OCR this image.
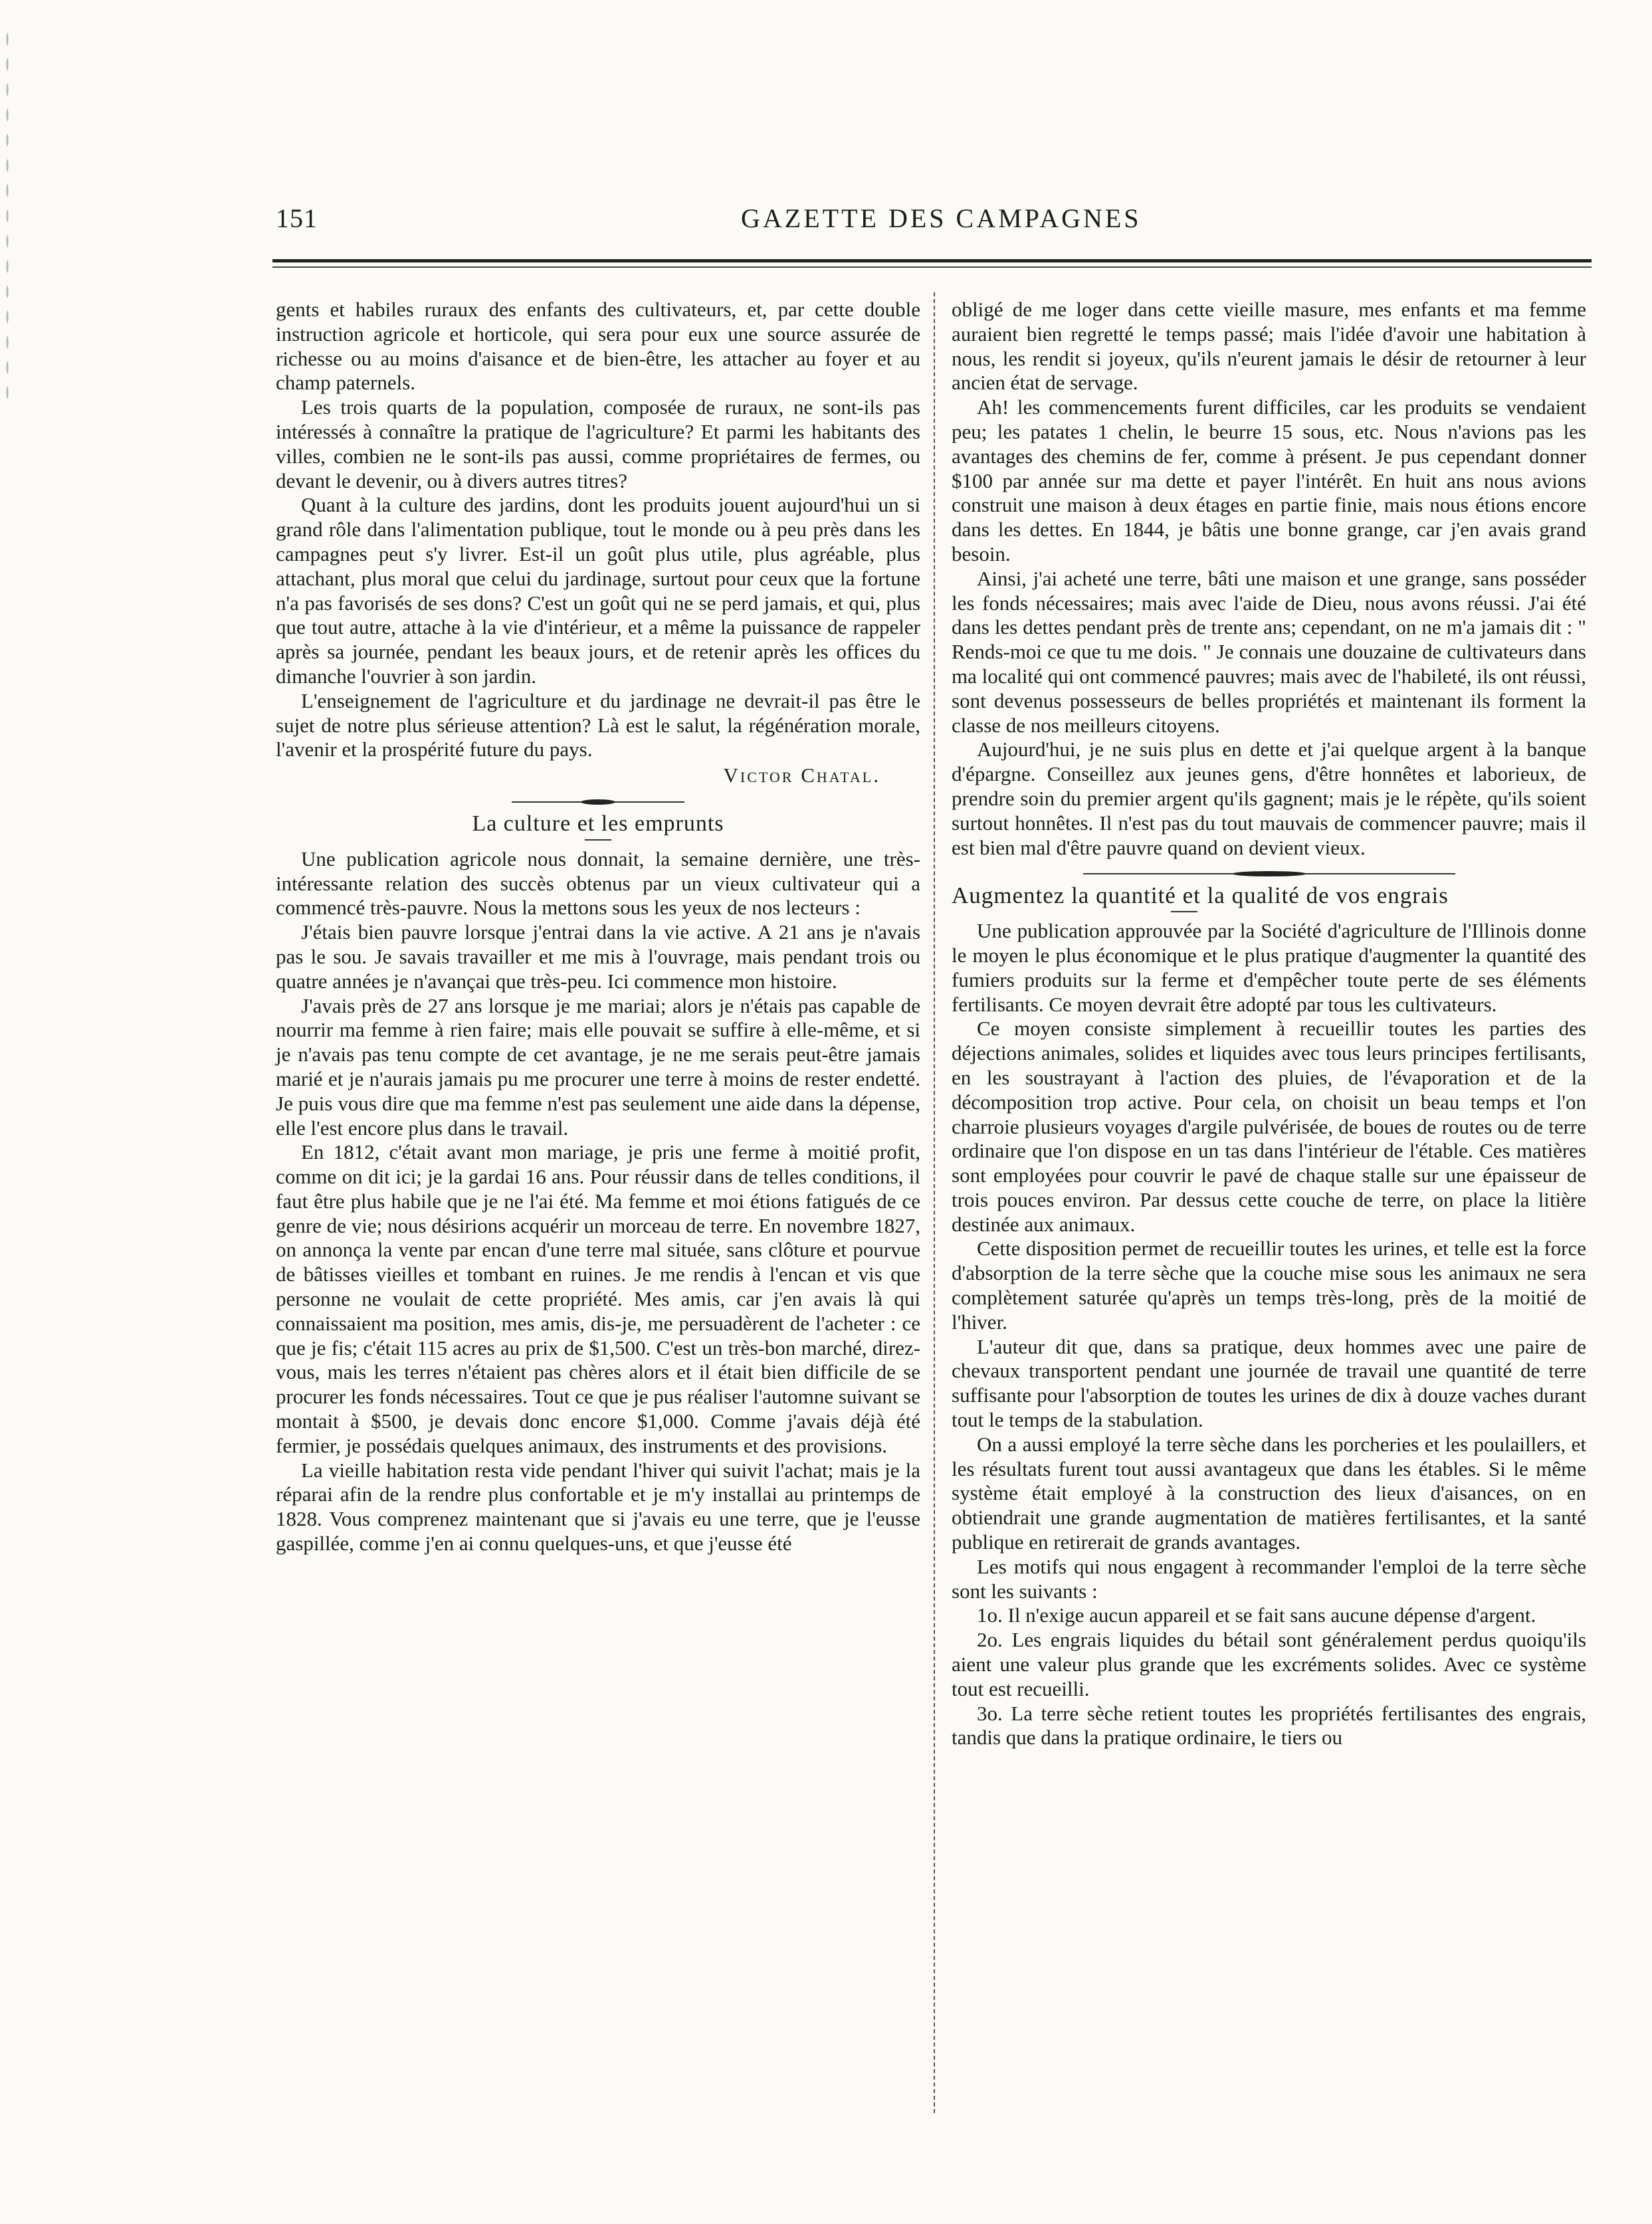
151	GAZETTE DES CAMPAGNES

gents et habiles ruraux des enfants des cultivateurs, et, par cette double instruction agricole et horticole, qui sera pour eux une source assurée de richesse ou au moins d'aisance et de bien-être, les attacher au foyer et au champ paternels.

Les trois quarts de la population, composée de ruraux, ne sont-ils pas intéressés à connaître la pratique de l'agriculture? Et parmi les habitants des villes, combien ne le sont-ils pas aussi, comme propriétaires de fermes, ou devant le devenir, ou à divers autres titres?

Quant à la culture des jardins, dont les produits jouent aujourd'hui un si grand rôle dans l'alimentation publique, tout le monde ou à peu près dans les campagnes peut s'y livrer. Est-il un goût plus utile, plus agréable, plus attachant, plus moral que celui du jardinage, surtout pour ceux que la fortune n'a pas favorisés de ses dons? C'est un goût qui ne se perd jamais, et qui, plus que tout autre, attache à la vie d'intérieur, et a même la puissance de rappeler après sa journée, pendant les beaux jours, et de retenir après les offices du dimanche l'ouvrier à son jardin.

L'enseignement de l'agriculture et du jardinage ne devrait-il pas être le sujet de notre plus sérieuse attention? Là est le salut, la régénération morale, l'avenir et la prospérité future du pays.

Victor Chatal.
La culture et les emprunts

Une publication agricole nous donnait, la semaine dernière, une très-intéressante relation des succès obtenus par un vieux cultivateur qui a commencé très-pauvre. Nous la mettons sous les yeux de nos lecteurs :

J'étais bien pauvre lorsque j'entrai dans la vie active. A 21 ans je n'avais pas le sou. Je savais travailler et me mis à l'ouvrage, mais pendant trois ou quatre années je n'avançai que très-peu. Ici commence mon histoire.

J'avais près de 27 ans lorsque je me mariai; alors je n'étais pas capable de nourrir ma femme à rien faire; mais elle pouvait se suffire à elle-même, et si je n'avais pas tenu compte de cet avantage, je ne me serais peut-être jamais marié et je n'aurais jamais pu me procurer une terre à moins de rester endetté. Je puis vous dire que ma femme n'est pas seulement une aide dans la dépense, elle l'est encore plus dans le travail.

En 1812, c'était avant mon mariage, je pris une ferme à moitié profit, comme on dit ici; je la gardai 16 ans. Pour réussir dans de telles conditions, il faut être plus habile que je ne l'ai été. Ma femme et moi étions fatigués de ce genre de vie; nous désirions acquérir un morceau de terre. En novembre 1827, on annonça la vente par encan d'une terre mal située, sans clôture et pourvue de bâtisses vieilles et tombant en ruines. Je me rendis à l'encan et vis que personne ne voulait de cette propriété. Mes amis, car j'en avais là qui connaissaient ma position, mes amis, dis-je, me persuadèrent de l'acheter : ce que je fis; c'était 115 acres au prix de $1,500. C'est un très-bon marché, direz-vous, mais les terres n'étaient pas chères alors et il était bien difficile de se procurer les fonds nécessaires. Tout ce que je pus réaliser l'automne suivant se montait à $500, je devais donc encore $1,000. Comme j'avais déjà été fermier, je possédais quelques animaux, des instruments et des provisions.

La vieille habitation resta vide pendant l'hiver qui suivit l'achat; mais je la réparai afin de la rendre plus confortable et je m'y installai au printemps de 1828. Vous comprenez maintenant que si j'avais eu une terre, que je l'eusse gaspillée, comme j'en ai connu quelques-uns, et que j'eusse été

obligé de me loger dans cette vieille masure, mes enfants et ma femme auraient bien regretté le temps passé; mais l'idée d'avoir une habitation à nous, les rendit si joyeux, qu'ils n'eurent jamais le désir de retourner à leur ancien état de servage.

Ah! les commencements furent difficiles, car les produits se vendaient peu; les patates 1 chelin, le beurre 15 sous, etc. Nous n'avions pas les avantages des chemins de fer, comme à présent. Je pus cependant donner $100 par année sur ma dette et payer l'intérêt. En huit ans nous avions construit une maison à deux étages en partie finie, mais nous étions encore dans les dettes. En 1844, je bâtis une bonne grange, car j'en avais grand besoin.

Ainsi, j'ai acheté une terre, bâti une maison et une grange, sans posséder les fonds nécessaires; mais avec l'aide de Dieu, nous avons réussi. J'ai été dans les dettes pendant près de trente ans; cependant, on ne m'a jamais dit : " Rends-moi ce que tu me dois. " Je connais une douzaine de cultivateurs dans ma localité qui ont commencé pauvres; mais avec de l'habileté, ils ont réussi, sont devenus possesseurs de belles propriétés et maintenant ils forment la classe de nos meilleurs citoyens.

Aujourd'hui, je ne suis plus en dette et j'ai quelque argent à la banque d'épargne. Conseillez aux jeunes gens, d'être honnêtes et laborieux, de prendre soin du premier argent qu'ils gagnent; mais je le répète, qu'ils soient surtout honnêtes. Il n'est pas du tout mauvais de commencer pauvre; mais il est bien mal d'être pauvre quand on devient vieux.

Augmentez la quantité et la qualité de vos engrais

Une publication approuvée par la Société d'agriculture de l'Illinois donne le moyen le plus économique et le plus pratique d'augmenter la quantité des fumiers produits sur la ferme et d'empêcher toute perte de ses éléments fertilisants. Ce moyen devrait être adopté par tous les cultivateurs.

Ce moyen consiste simplement à recueillir toutes les parties des déjections animales, solides et liquides avec tous leurs principes fertilisants, en les soustrayant à l'action des pluies, de l'évaporation et de la décomposition trop active. Pour cela, on choisit un beau temps et l'on charroie plusieurs voyages d'argile pulvérisée, de boues de routes ou de terre ordinaire que l'on dispose en un tas dans l'intérieur de l'étable. Ces matières sont employées pour couvrir le pavé de chaque stalle sur une épaisseur de trois pouces environ. Par dessus cette couche de terre, on place la litière destinée aux animaux.

Cette disposition permet de recueillir toutes les urines, et telle est la force d'absorption de la terre sèche que la couche mise sous les animaux ne sera complètement saturée qu'après un temps très-long, près de la moitié de l'hiver.

L'auteur dit que, dans sa pratique, deux hommes avec une paire de chevaux transportent pendant une journée de travail une quantité de terre suffisante pour l'absorption de toutes les urines de dix à douze vaches durant tout le temps de la stabulation.

On a aussi employé la terre sèche dans les porcheries et les poulaillers, et les résultats furent tout aussi avantageux que dans les étables. Si le même système était employé à la construction des lieux d'aisances, on en obtiendrait une grande augmentation de matières fertilisantes, et la santé publique en retirerait de grands avantages.

Les motifs qui nous engagent à recommander l'emploi de la terre sèche sont les suivants :

1o. Il n'exige aucun appareil et se fait sans aucune dépense d'argent.

2o. Les engrais liquides du bétail sont généralement perdus quoiqu'ils aient une valeur plus grande que les excréments solides. Avec ce système tout est recueilli.

3o. La terre sèche retient toutes les propriétés fertilisantes des engrais, tandis que dans la pratique ordinaire, le tiers ou
